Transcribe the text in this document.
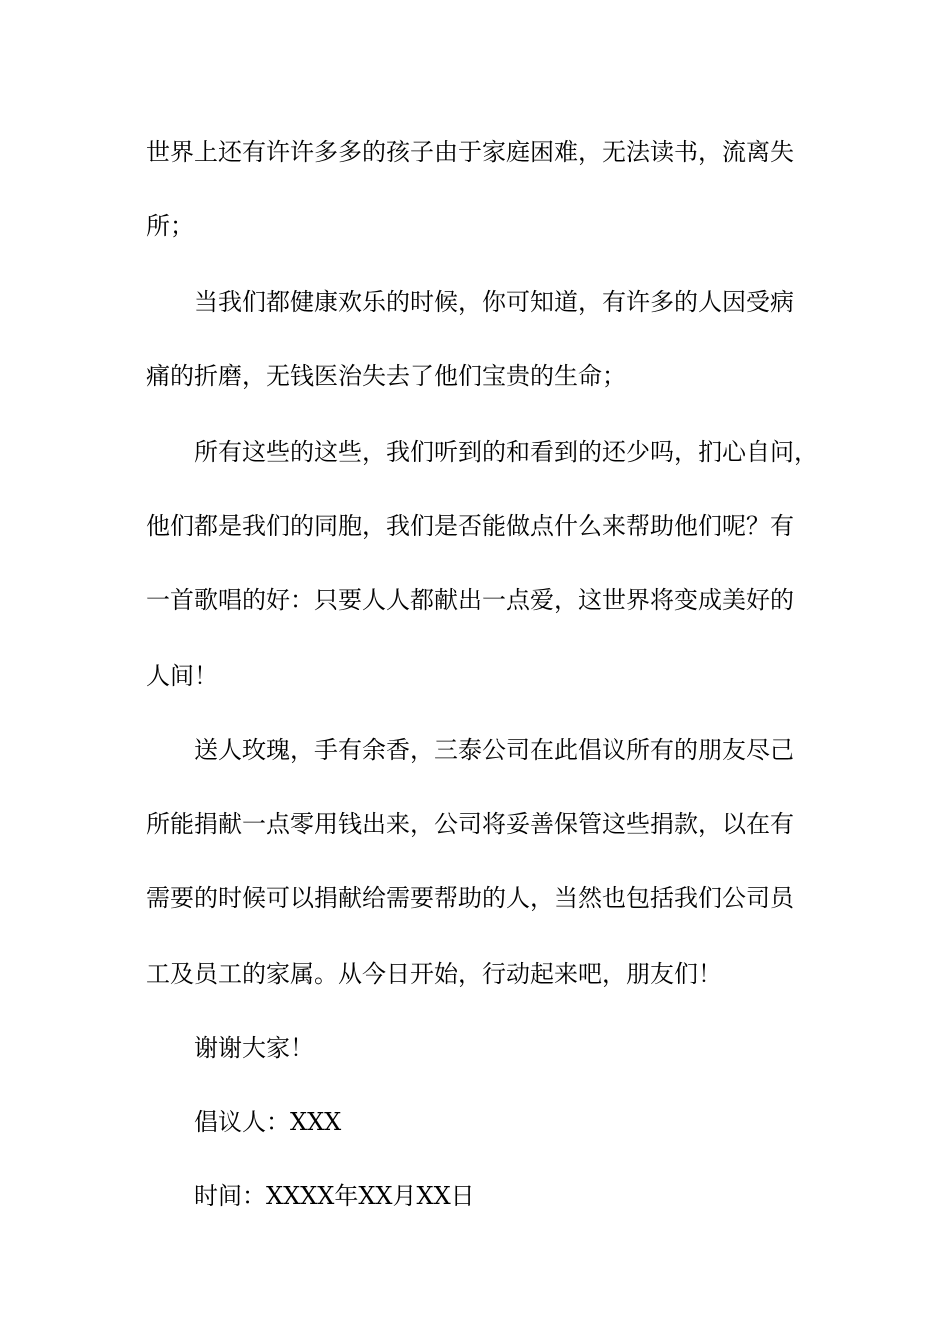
世界上还有许许多多的孩子由于家庭困难，无法读书，流离失
所；
当我们都健康欢乐的时候，你可知道，有许多的人因受病
痛的折磨，无钱医治失去了他们宝贵的生命；
所有这些的这些，我们听到的和看到的还少吗，扪心自问，
他们都是我们的同胞，我们是否能做点什么来帮助他们呢？有
一首歌唱的好：只要人人都献出一点爱，这世界将变成美好的
人间！
送人玫瑰，手有余香，三泰公司在此倡议所有的朋友尽己
所能捐献一点零用钱出来，公司将妥善保管这些捐款，以在有
需要的时候可以捐献给需要帮助的人，当然也包括我们公司员
工及员工的家属。从今日开始，行动起来吧，朋友们！
谢谢大家！
倡议人：XXX
时间：XXXX年XX月XX日
